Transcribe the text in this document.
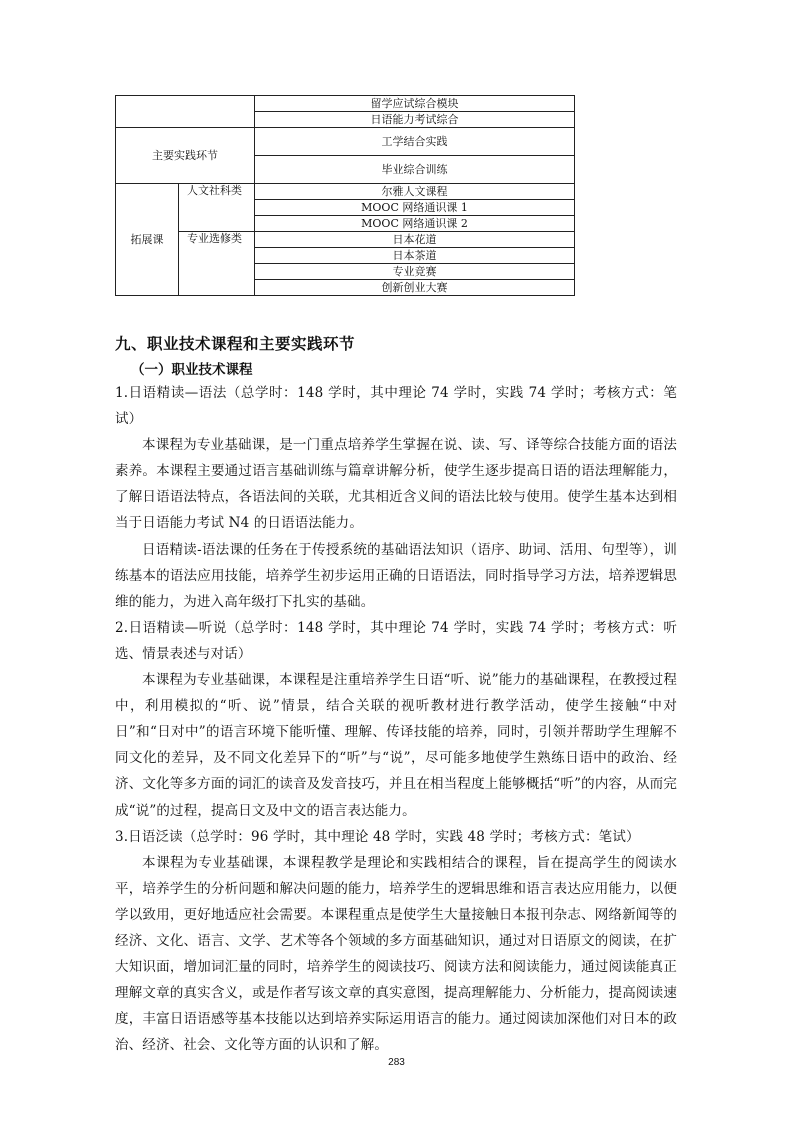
		留学应试综合模块
		日语能力考试综合
主要实践环节		工学结合实践
		毕业综合训练
拓展课	人文社科类	尔雅人文课程
		MOOC 网络通识课 1
		MOOC 网络通识课 2
	专业选修类	日本花道
		日本茶道
		专业竞赛
		创新创业大赛
九、职业技术课程和主要实践环节
（一）职业技术课程

1.日语精读—语法（总学时：148 学时，其中理论 74 学时，实践 74 学时；考核方式：笔试）

本课程为专业基础课，是一门重点培养学生掌握在说、读、写、译等综合技能方面的语法素养。本课程主要通过语言基础训练与篇章讲解分析，使学生逐步提高日语的语法理解能力，了解日语语法特点，各语法间的关联，尤其相近含义间的语法比较与使用。使学生基本达到相当于日语能力考试 N4 的日语语法能力。

日语精读-语法课的任务在于传授系统的基础语法知识（语序、助词、活用、句型等），训练基本的语法应用技能，培养学生初步运用正确的日语语法，同时指导学习方法，培养逻辑思维的能力，为进入高年级打下扎实的基础。

2.日语精读—听说（总学时：148 学时，其中理论 74 学时，实践 74 学时；考核方式：听选、情景表述与对话）

本课程为专业基础课，本课程是注重培养学生日语“听、说”能力的基础课程，在教授过程中，利用模拟的“听、说”情景，结合关联的视听教材进行教学活动，使学生接触“中对日”和“日对中”的语言环境下能听懂、理解、传译技能的培养，同时，引领并帮助学生理解不同文化的差异，及不同文化差异下的“听”与“说”，尽可能多地使学生熟练日语中的政治、经济、文化等多方面的词汇的读音及发音技巧，并且在相当程度上能够概括“听”的内容，从而完成“说”的过程，提高日文及中文的语言表达能力。

3.日语泛读（总学时：96 学时，其中理论 48 学时，实践 48 学时；考核方式：笔试）

本课程为专业基础课，本课程教学是理论和实践相结合的课程，旨在提高学生的阅读水平，培养学生的分析问题和解决问题的能力，培养学生的逻辑思维和语言表达应用能力，以便学以致用，更好地适应社会需要。本课程重点是使学生大量接触日本报刊杂志、网络新闻等的经济、文化、语言、文学、艺术等各个领域的多方面基础知识，通过对日语原文的阅读，在扩大知识面，增加词汇量的同时，培养学生的阅读技巧、阅读方法和阅读能力，通过阅读能真正理解文章的真实含义，或是作者写该文章的真实意图，提高理解能力、分析能力，提高阅读速度，丰富日语语感等基本技能以达到培养实际运用语言的能力。通过阅读加深他们对日本的政治、经济、社会、文化等方面的认识和了解。

283
